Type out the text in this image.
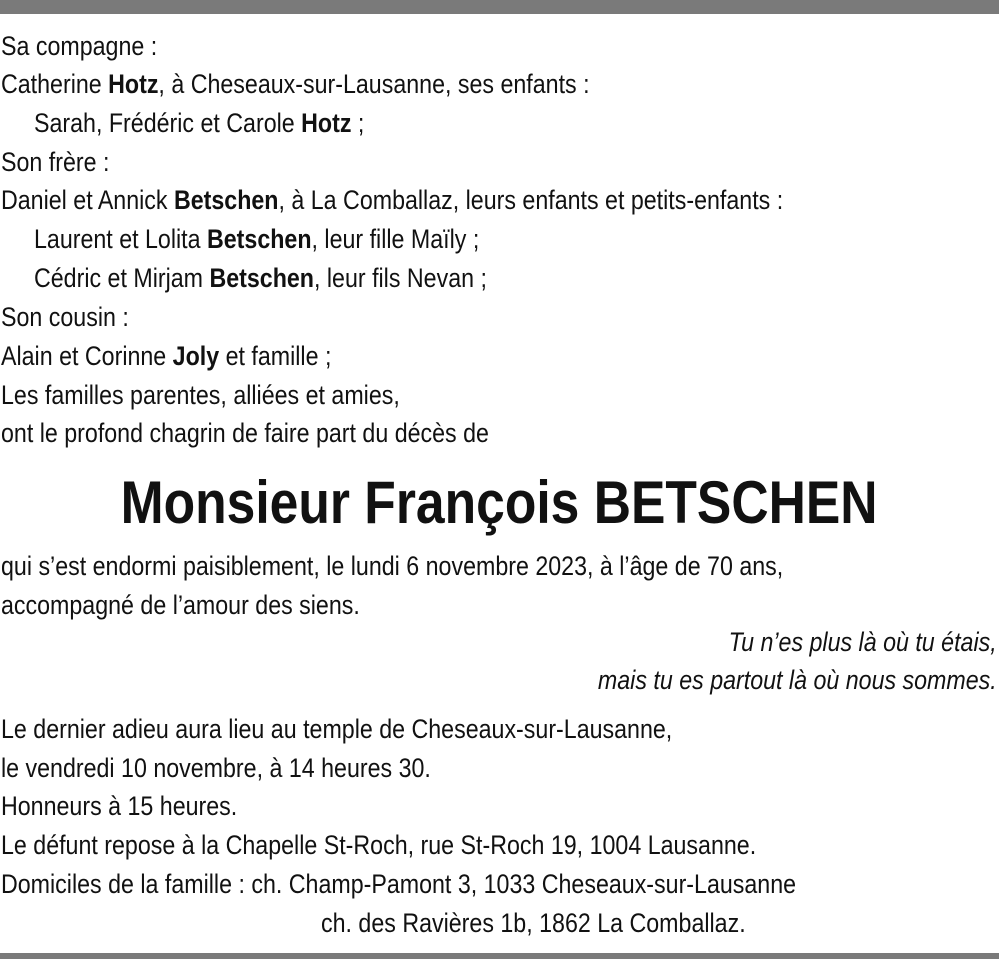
Sa compagne :
Catherine Hotz, à Cheseaux-sur-Lausanne, ses enfants :
Sarah, Frédéric et Carole Hotz ;
Son frère :
Daniel et Annick Betschen, à La Comballaz, leurs enfants et petits-enfants :
Laurent et Lolita Betschen, leur fille Maïly ;
Cédric et Mirjam Betschen, leur fils Nevan ;
Son cousin :
Alain et Corinne Joly et famille ;
Les familles parentes, alliées et amies,
ont le profond chagrin de faire part du décès de
Monsieur François BETSCHEN
qui s’est endormi paisiblement, le lundi 6 novembre 2023, à l’âge de 70 ans,
accompagné de l’amour des siens.
Tu n’es plus là où tu étais,
mais tu es partout là où nous sommes.
Le dernier adieu aura lieu au temple de Cheseaux-sur-Lausanne,
le vendredi 10 novembre, à 14 heures 30.
Honneurs à 15 heures.
Le défunt repose à la Chapelle St-Roch, rue St-Roch 19, 1004 Lausanne.
Domiciles de la famille : ch. Champ-Pamont 3, 1033 Cheseaux-sur-Lausanne
ch. des Ravières 1b, 1862 La Comballaz.
